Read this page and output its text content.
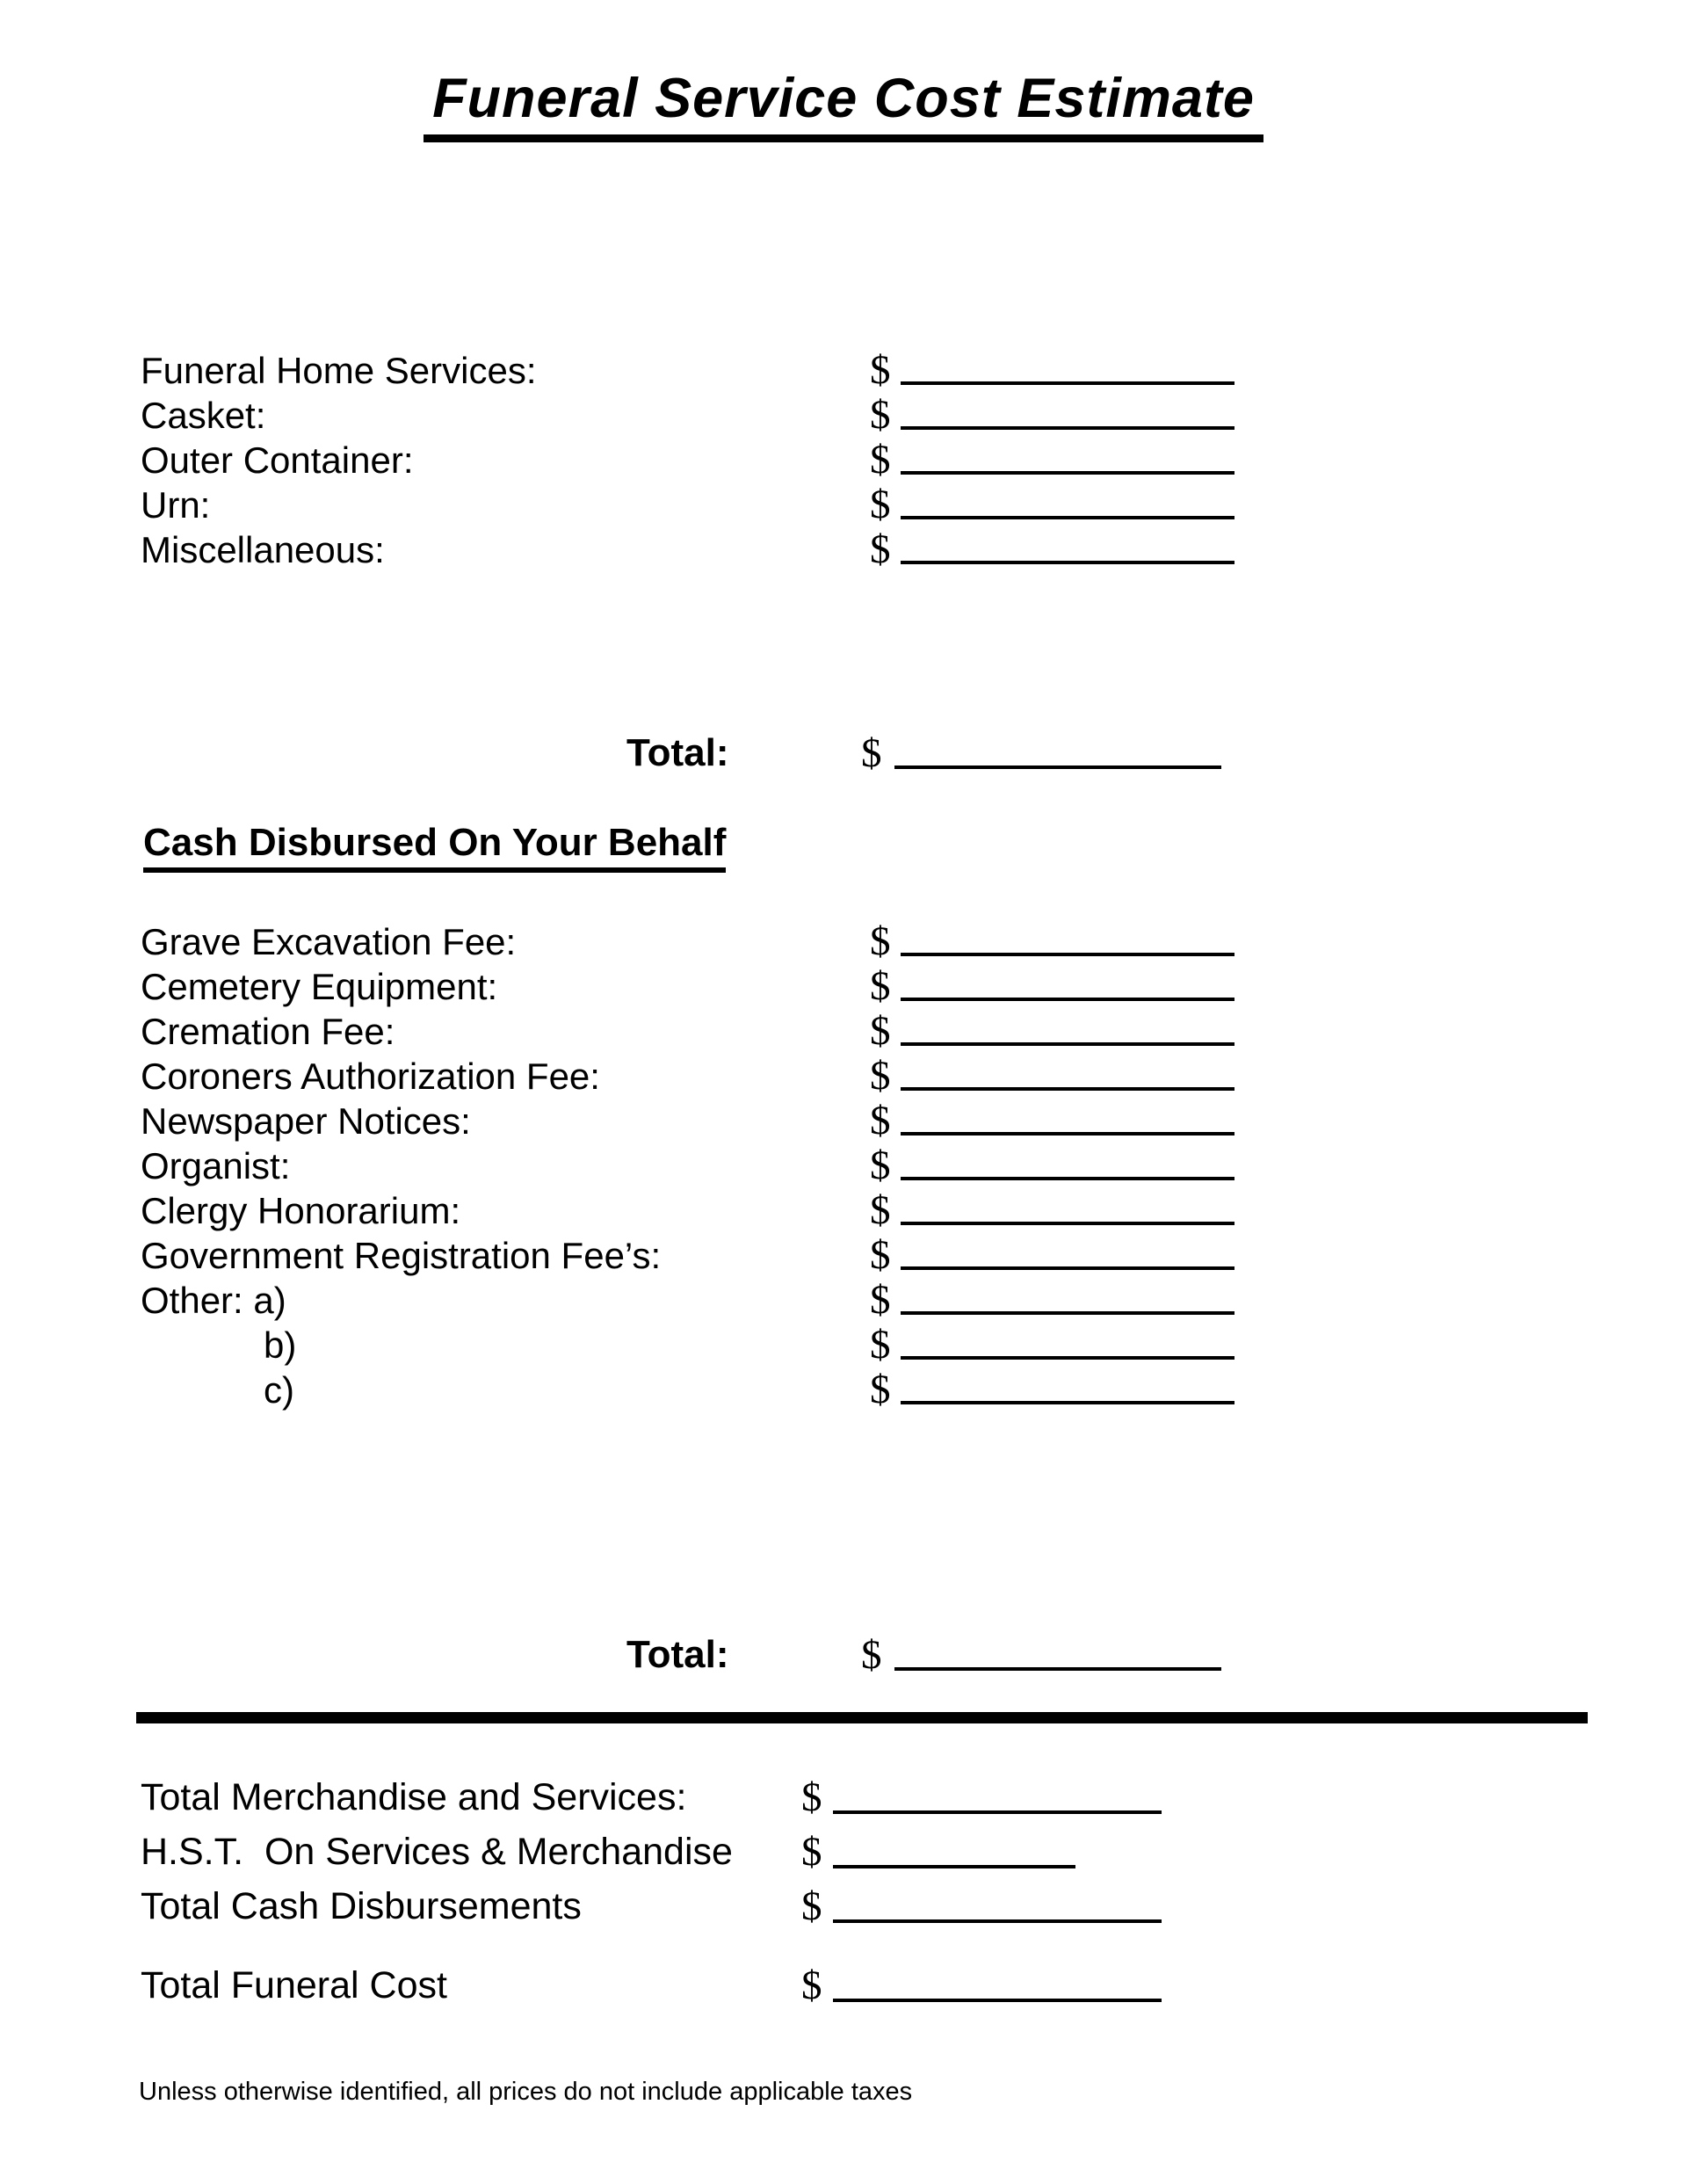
Funeral Service Cost Estimate
Funeral Home Services:	$
Casket:	$
Outer Container:	$
Urn:	$
Miscellaneous:	$
Total:	$
Cash Disbursed On Your Behalf
Grave Excavation Fee:	$
Cemetery Equipment:	$
Cremation Fee:	$
Coroners Authorization Fee:	$
Newspaper Notices:	$
Organist:	$
Clergy Honorarium:	$
Government Registration Fee’s:	$
Other: a)	$
b)	$
c)	$
Total:	$
Total Merchandise and Services:	$
H.S.T.  On Services & Merchandise $
Total Cash Disbursements	$
Total Funeral Cost	$
Unless otherwise identified, all prices do not include applicable taxes
